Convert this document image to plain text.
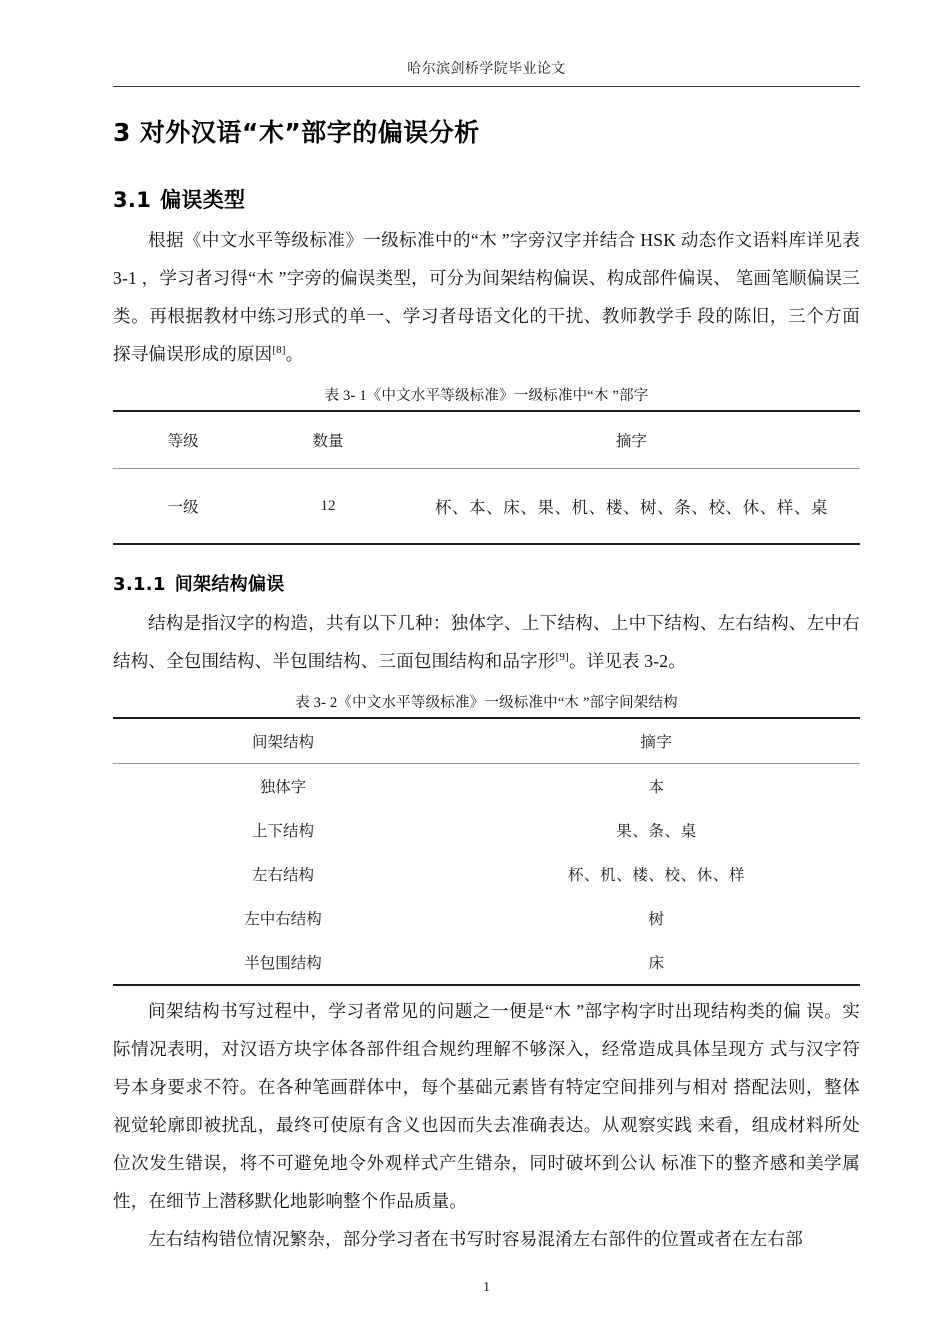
哈尔滨剑桥学院毕业论文
3 对外汉语“木”部字的偏误分析
3.1 偏误类型

根据《中文水平等级标准》一级标准中的“木 ”字旁汉字并结合 HSK 动态作文语料库详见表 3-1 ，学习者习得“木 ”字旁的偏误类型，可分为间架结构偏误、构成部件偏误、 笔画笔顺偏误三类。再根据教材中练习形式的单一、学习者母语文化的干扰、教师教学手 段的陈旧，三个方面探寻偏误形成的原因[8]。

表 3- 1《中文水平等级标准》一级标准中“木 ”部字
等级	数量	摘字
一级	12	杯、本、床、果、机、楼、树、条、校、休、样、桌
3.1.1 间架结构偏误

结构是指汉字的构造，共有以下几种：独体字、上下结构、上中下结构、左右结构、左中右结构、全包围结构、半包围结构、三面包围结构和品字形[9]。详见表 3-2。

表 3- 2《中文水平等级标准》一级标准中“木 ”部字间架结构
间架结构	摘字
独体字	本
上下结构	果、条、桌
左右结构	杯、机、楼、校、休、样
左中右结构	树
半包围结构	床

间架结构书写过程中，学习者常见的问题之一便是“木 ”部字构字时出现结构类的偏 误。实际情况表明，对汉语方块字体各部件组合规约理解不够深入，经常造成具体呈现方 式与汉字符号本身要求不符。在各种笔画群体中，每个基础元素皆有特定空间排列与相对 搭配法则，整体视觉轮廓即被扰乱，最终可使原有含义也因而失去准确表达。从观察实践 来看，组成材料所处位次发生错误，将不可避免地令外观样式产生错杂，同时破坏到公认 标准下的整齐感和美学属性，在细节上潜移默化地影响整个作品质量。

左右结构错位情况繁杂，部分学习者在书写时容易混淆左右部件的位置或者在左右部

1
